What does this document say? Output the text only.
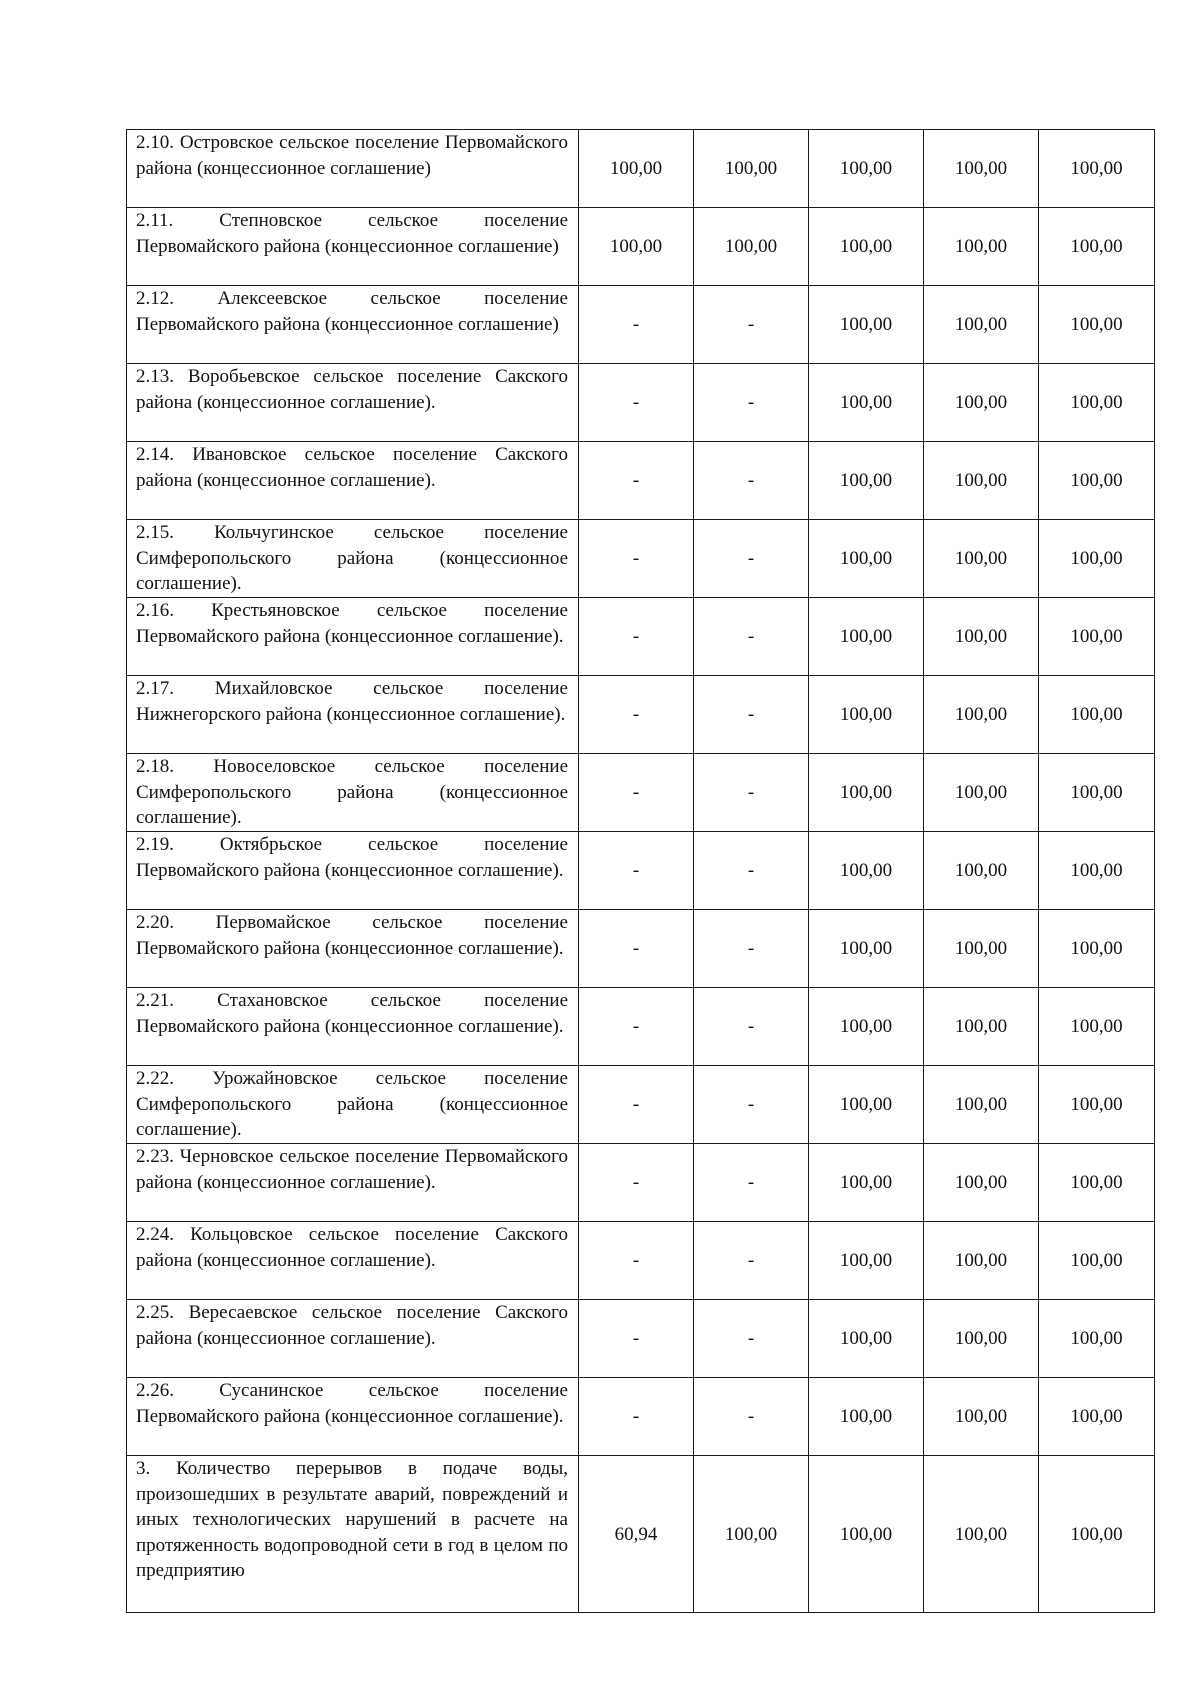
2.10. Островское сельское поселение Первомайского района (концессионное соглашение)	100,00	100,00	100,00	100,00	100,00
2.11. Степновское сельское поселение Первомайского района (концессионное соглашение)	100,00	100,00	100,00	100,00	100,00
2.12. Алексеевское сельское поселение Первомайского района (концессионное соглашение)	-	-	100,00	100,00	100,00
2.13. Воробьевское сельское поселение Сакского района (концессионное соглашение).	-	-	100,00	100,00	100,00
2.14. Ивановское сельское поселение Сакского района (концессионное соглашение).	-	-	100,00	100,00	100,00
2.15. Кольчугинское сельское поселение Симферопольского района (концессионное соглашение).	-	-	100,00	100,00	100,00
2.16. Крестьяновское сельское поселение Первомайского района (концессионное соглашение).	-	-	100,00	100,00	100,00
2.17. Михайловское сельское поселение Нижнегорского района (концессионное соглашение).	-	-	100,00	100,00	100,00
2.18. Новоселовское сельское поселение Симферопольского района (концессионное соглашение).	-	-	100,00	100,00	100,00
2.19. Октябрьское сельское поселение Первомайского района (концессионное соглашение).	-	-	100,00	100,00	100,00
2.20. Первомайское сельское поселение Первомайского района (концессионное соглашение).	-	-	100,00	100,00	100,00
2.21. Стахановское сельское поселение Первомайского района (концессионное соглашение).	-	-	100,00	100,00	100,00
2.22. Урожайновское сельское поселение Симферопольского района (концессионное соглашение).	-	-	100,00	100,00	100,00
2.23. Черновское сельское поселение Первомайского района (концессионное соглашение).	-	-	100,00	100,00	100,00
2.24. Кольцовское сельское поселение Сакского района (концессионное соглашение).	-	-	100,00	100,00	100,00
2.25. Вересаевское сельское поселение Сакского района (концессионное соглашение).	-	-	100,00	100,00	100,00
2.26. Сусанинское сельское поселение Первомайского района (концессионное соглашение).	-	-	100,00	100,00	100,00
3. Количество перерывов в подаче воды, произошедших в результате аварий, повреждений и иных технологических нарушений в расчете на протяженность водопроводной сети в год в целом по предприятию	60,94	100,00	100,00	100,00	100,00
